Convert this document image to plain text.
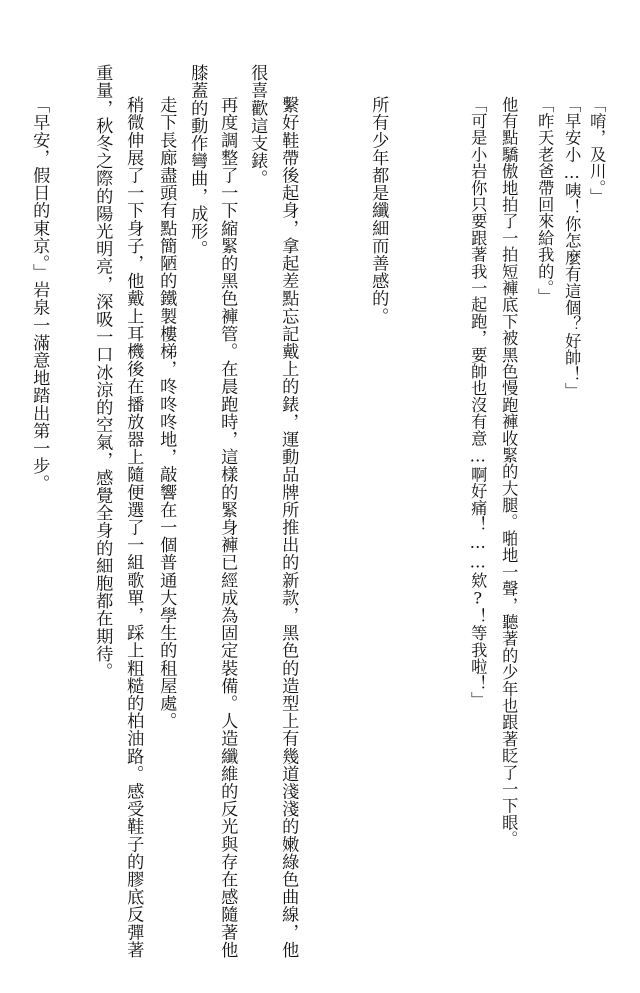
「唷，及川。」
「早安小…咦！你怎麼有這個？好帥！」
「昨天老爸帶回來給我的。」
他有點驕傲地拍了一拍短褲底下被黑色慢跑褲收緊的大腿。啪地一聲，聽著的少年也跟著眨了一下眼。
「可是小岩你只要跟著我一起跑，要帥也沒有意…啊好痛！……欸?！等我啦！」
所有少年都是纖細而善感的。
繫好鞋帶後起身，拿起差點忘記戴上的錶，運動品牌所推出的新款，黑色的造型上有幾道淺淺的嫩綠色曲線，他
很喜歡這支錶。
再度調整了一下縮緊的黑色褲管。在晨跑時，這樣的緊身褲已經成為固定裝備。人造纖維的反光與存在感隨著他
膝蓋的動作彎曲，成形。
走下長廊盡頭有點簡陋的鐵製樓梯，咚咚咚地，敲響在一個普通大學生的租屋處。
稍微伸展了一下身子，他戴上耳機後在播放器上隨便選了一組歌單，踩上粗糙的柏油路。感受鞋子的膠底反彈著
重量，秋冬之際的陽光明亮，深吸一口冰涼的空氣，感覺全身的細胞都在期待。
「早安，假日的東京。」岩泉一滿意地踏出第一步。
